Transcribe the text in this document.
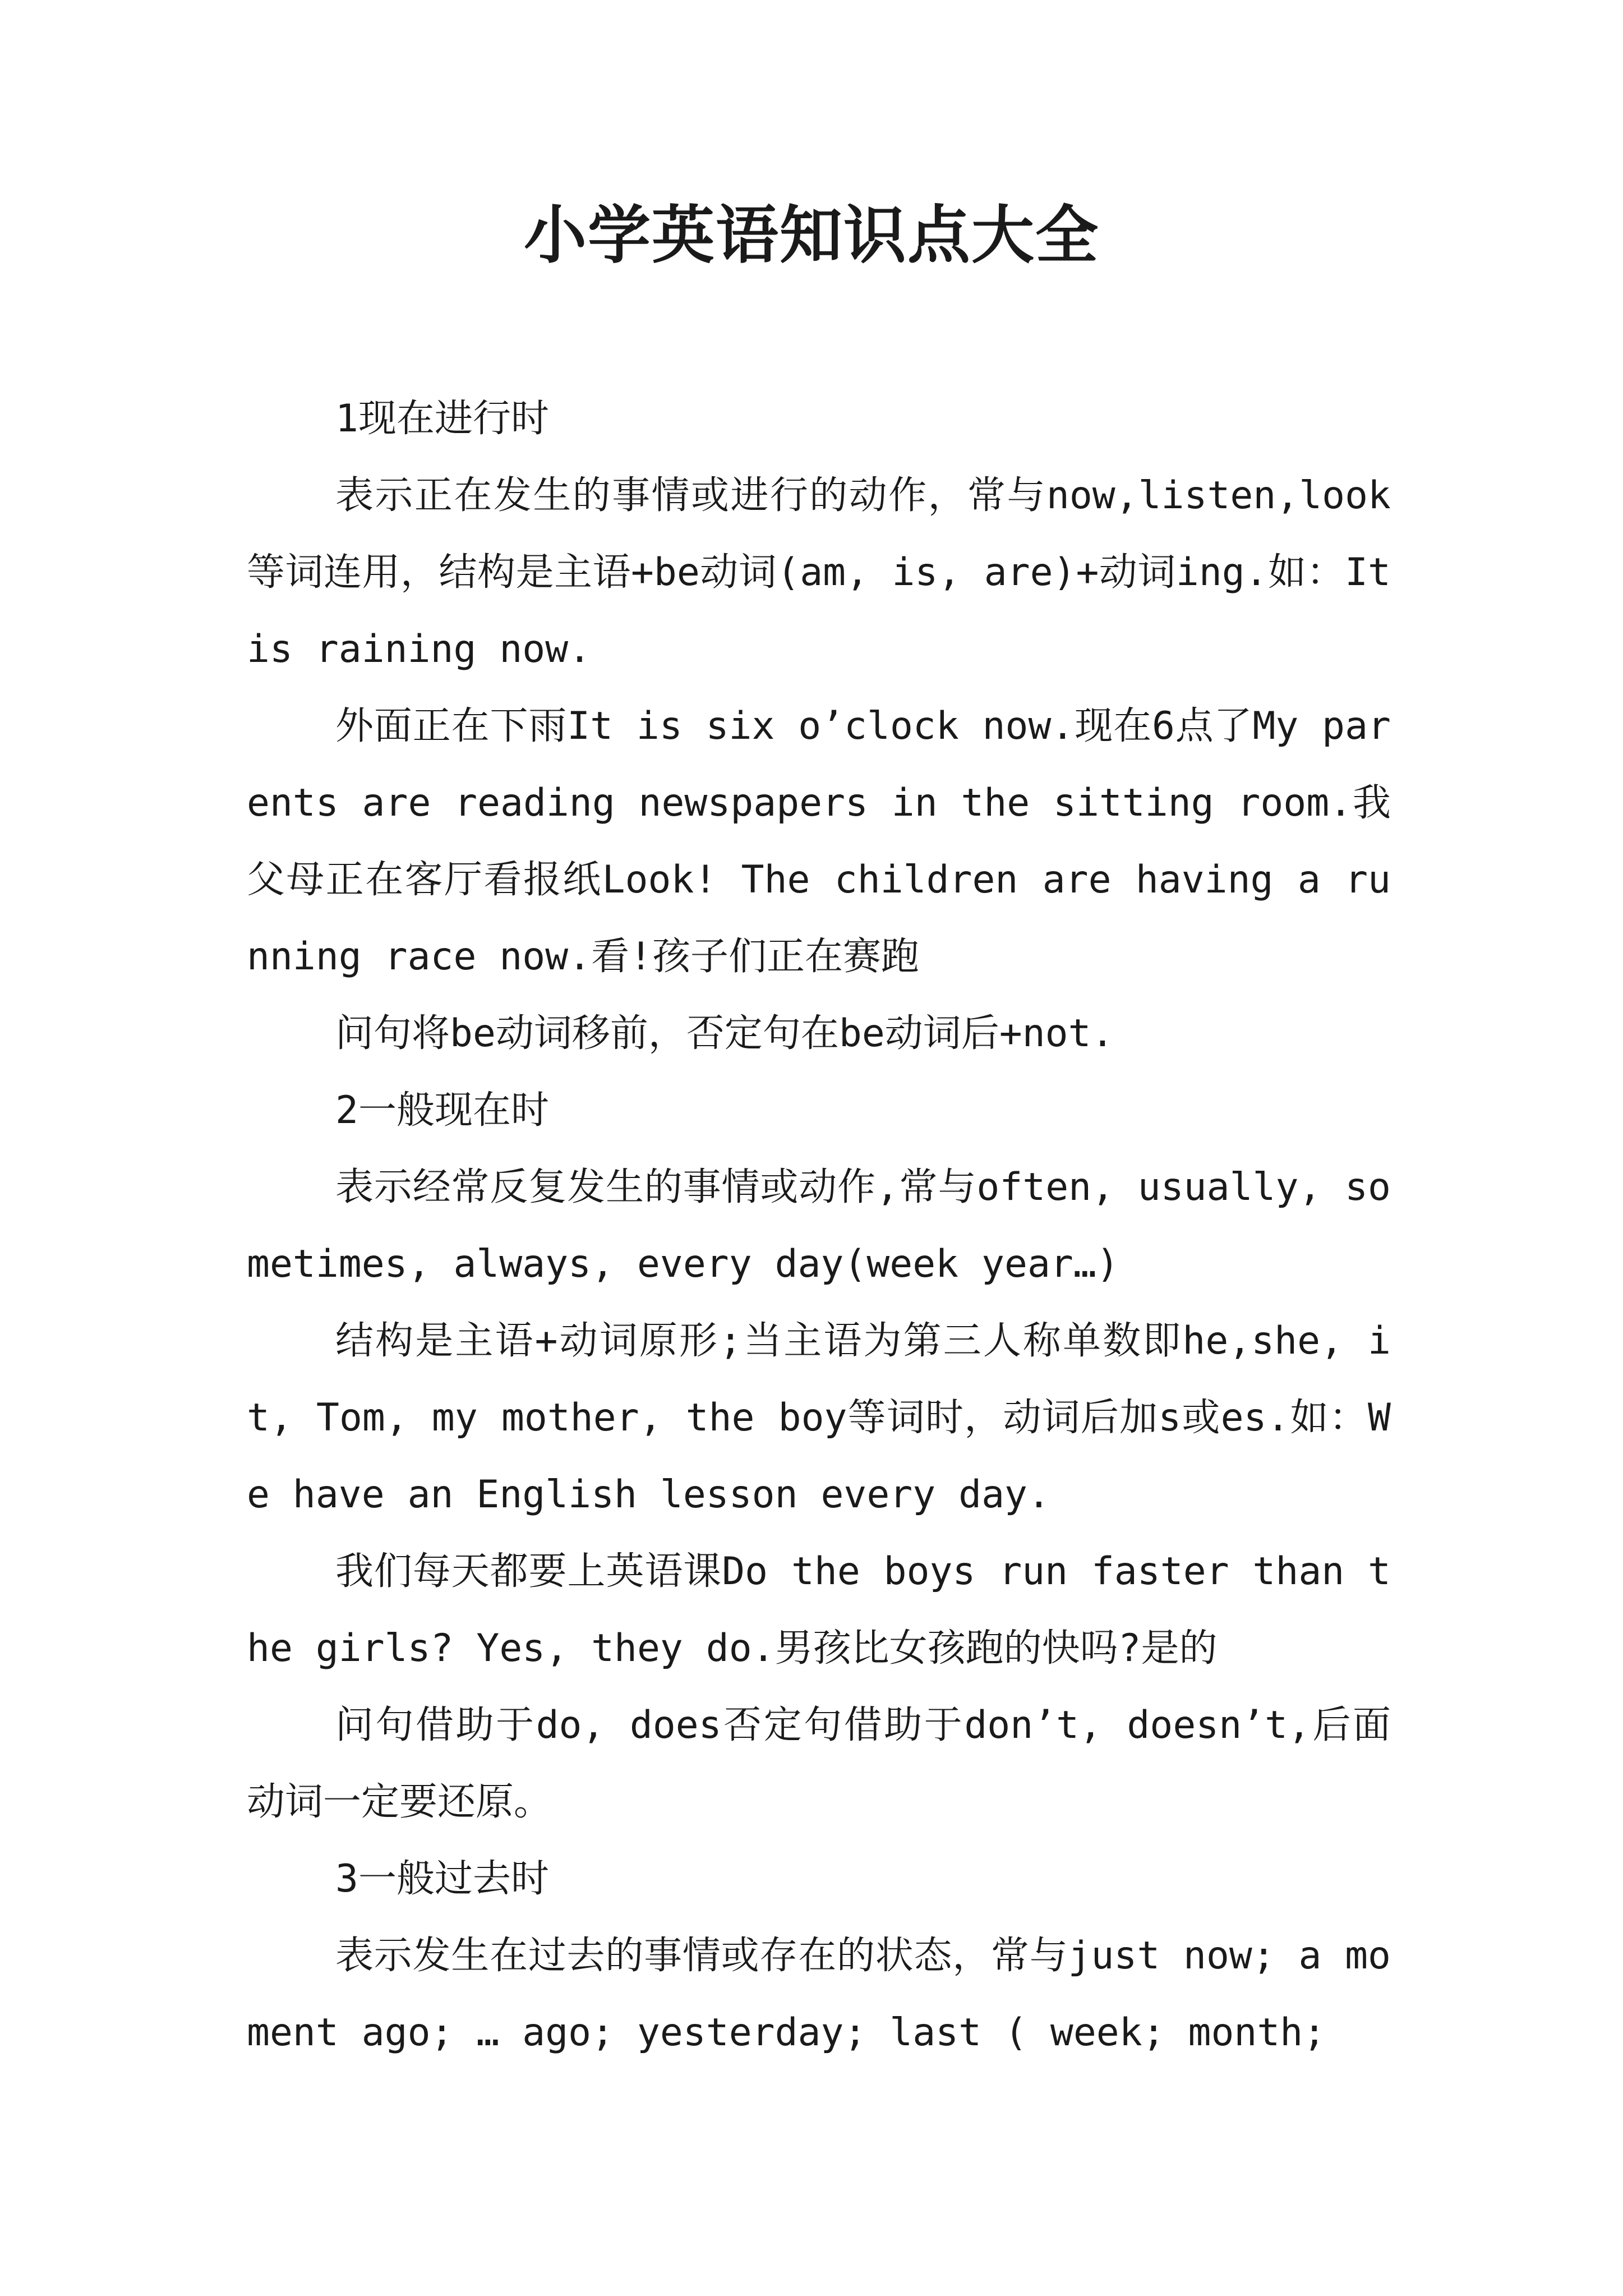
小学英语知识点大全

1现在进行时

表示正在发生的事情或进行的动作，常与now,listen,look等词连用，结构是主语+be动词(am, is, are)+动词ing.如：It is raining now.

外面正在下雨It is six o’clock now.现在6点了My parents are reading newspapers in the sitting room.我父母正在客厅看报纸Look! The children are having a running race now.看!孩子们正在赛跑

问句将be动词移前，否定句在be动词后+not.

2一般现在时

表示经常反复发生的事情或动作,常与often, usually, sometimes, always, every day(week year…)

结构是主语+动词原形;当主语为第三人称单数即he,she, it, Tom, my mother, the boy等词时，动词后加s或es.如：We have an English lesson every day.

我们每天都要上英语课Do the boys run faster than the girls? Yes, they do.男孩比女孩跑的快吗?是的

问句借助于do, does否定句借助于don’t, doesn’t,后面动词一定要还原。

3一般过去时

表示发生在过去的事情或存在的状态，常与just now; a moment ago; … ago; yesterday; last ( week; month;
